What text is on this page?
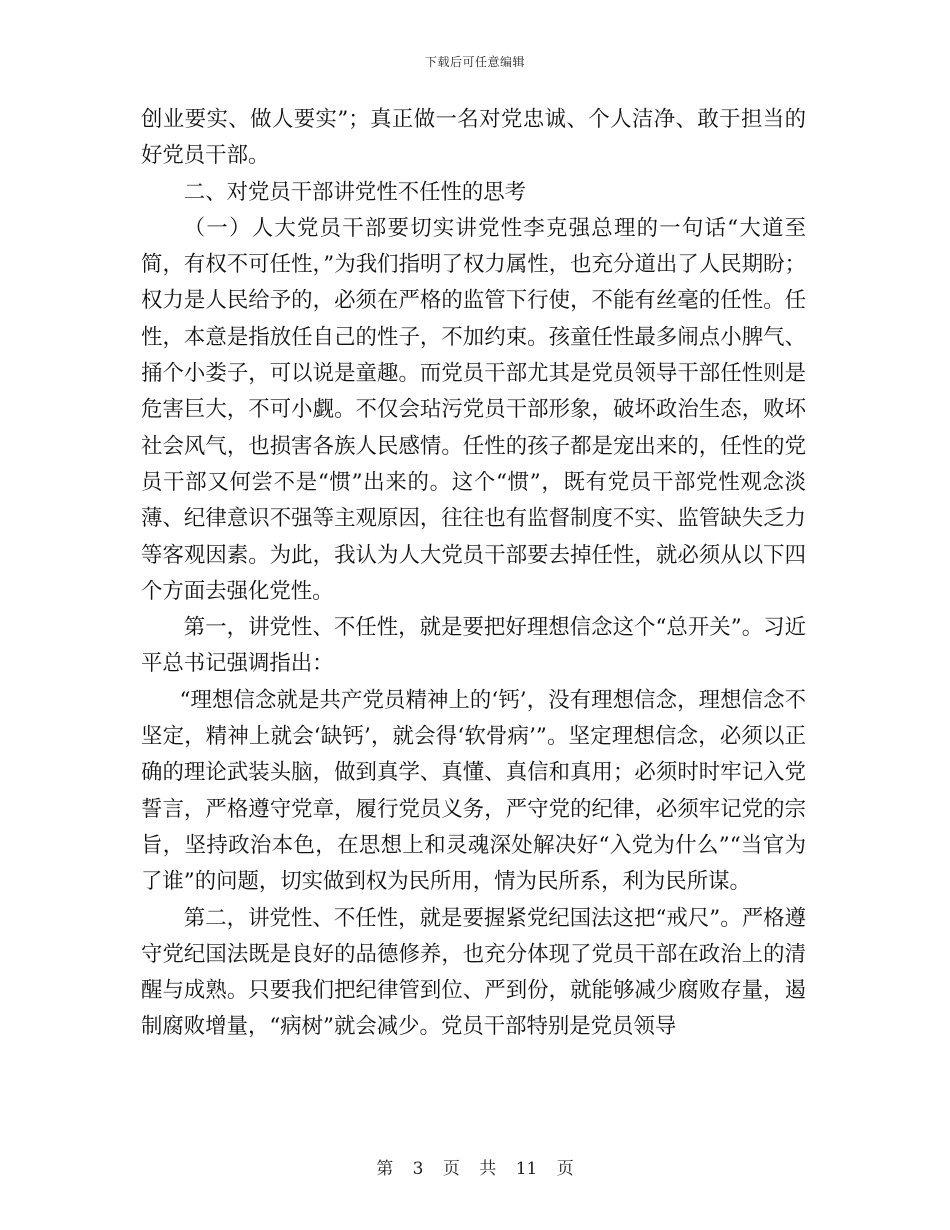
下载后可任意编辑

创业要实、做人要实”；真正做一名对党忠诚、个人洁净、敢于担当的好党员干部。

二、对党员干部讲党性不任性的思考

（一）人大党员干部要切实讲党性李克强总理的一句话“大道至简，有权不可任性，”为我们指明了权力属性，也充分道出了人民期盼；权力是人民给予的，必须在严格的监管下行使，不能有丝毫的任性。任性，本意是指放任自己的性子，不加约束。孩童任性最多闹点小脾气、捅个小娄子，可以说是童趣。而党员干部尤其是党员领导干部任性则是危害巨大，不可小觑。不仅会玷污党员干部形象，破坏政治生态，败坏社会风气，也损害各族人民感情。任性的孩子都是宠出来的，任性的党员干部又何尝不是“惯”出来的。这个“惯”，既有党员干部党性观念淡薄、纪律意识不强等主观原因，往往也有监督制度不实、监管缺失乏力等客观因素。为此，我认为人大党员干部要去掉任性，就必须从以下四个方面去强化党性。

第一，讲党性、不任性，就是要把好理想信念这个“总开关”。习近平总书记强调指出：

“理想信念就是共产党员精神上的‘钙’，没有理想信念，理想信念不坚定，精神上就会‘缺钙’，就会得‘软骨病’”。坚定理想信念，必须以正确的理论武装头脑，做到真学、真懂、真信和真用；必须时时牢记入党誓言，严格遵守党章，履行党员义务，严守党的纪律，必须牢记党的宗旨，坚持政治本色，在思想上和灵魂深处解决好“入党为什么”“当官为了谁”的问题，切实做到权为民所用，情为民所系，利为民所谋。

第二，讲党性、不任性，就是要握紧党纪国法这把“戒尺”。严格遵守党纪国法既是良好的品德修养，也充分体现了党员干部在政治上的清醒与成熟。只要我们把纪律管到位、严到份，就能够减少腐败存量，遏制腐败增量，“病树”就会减少。党员干部特别是党员领导

第 3 页 共 11 页
